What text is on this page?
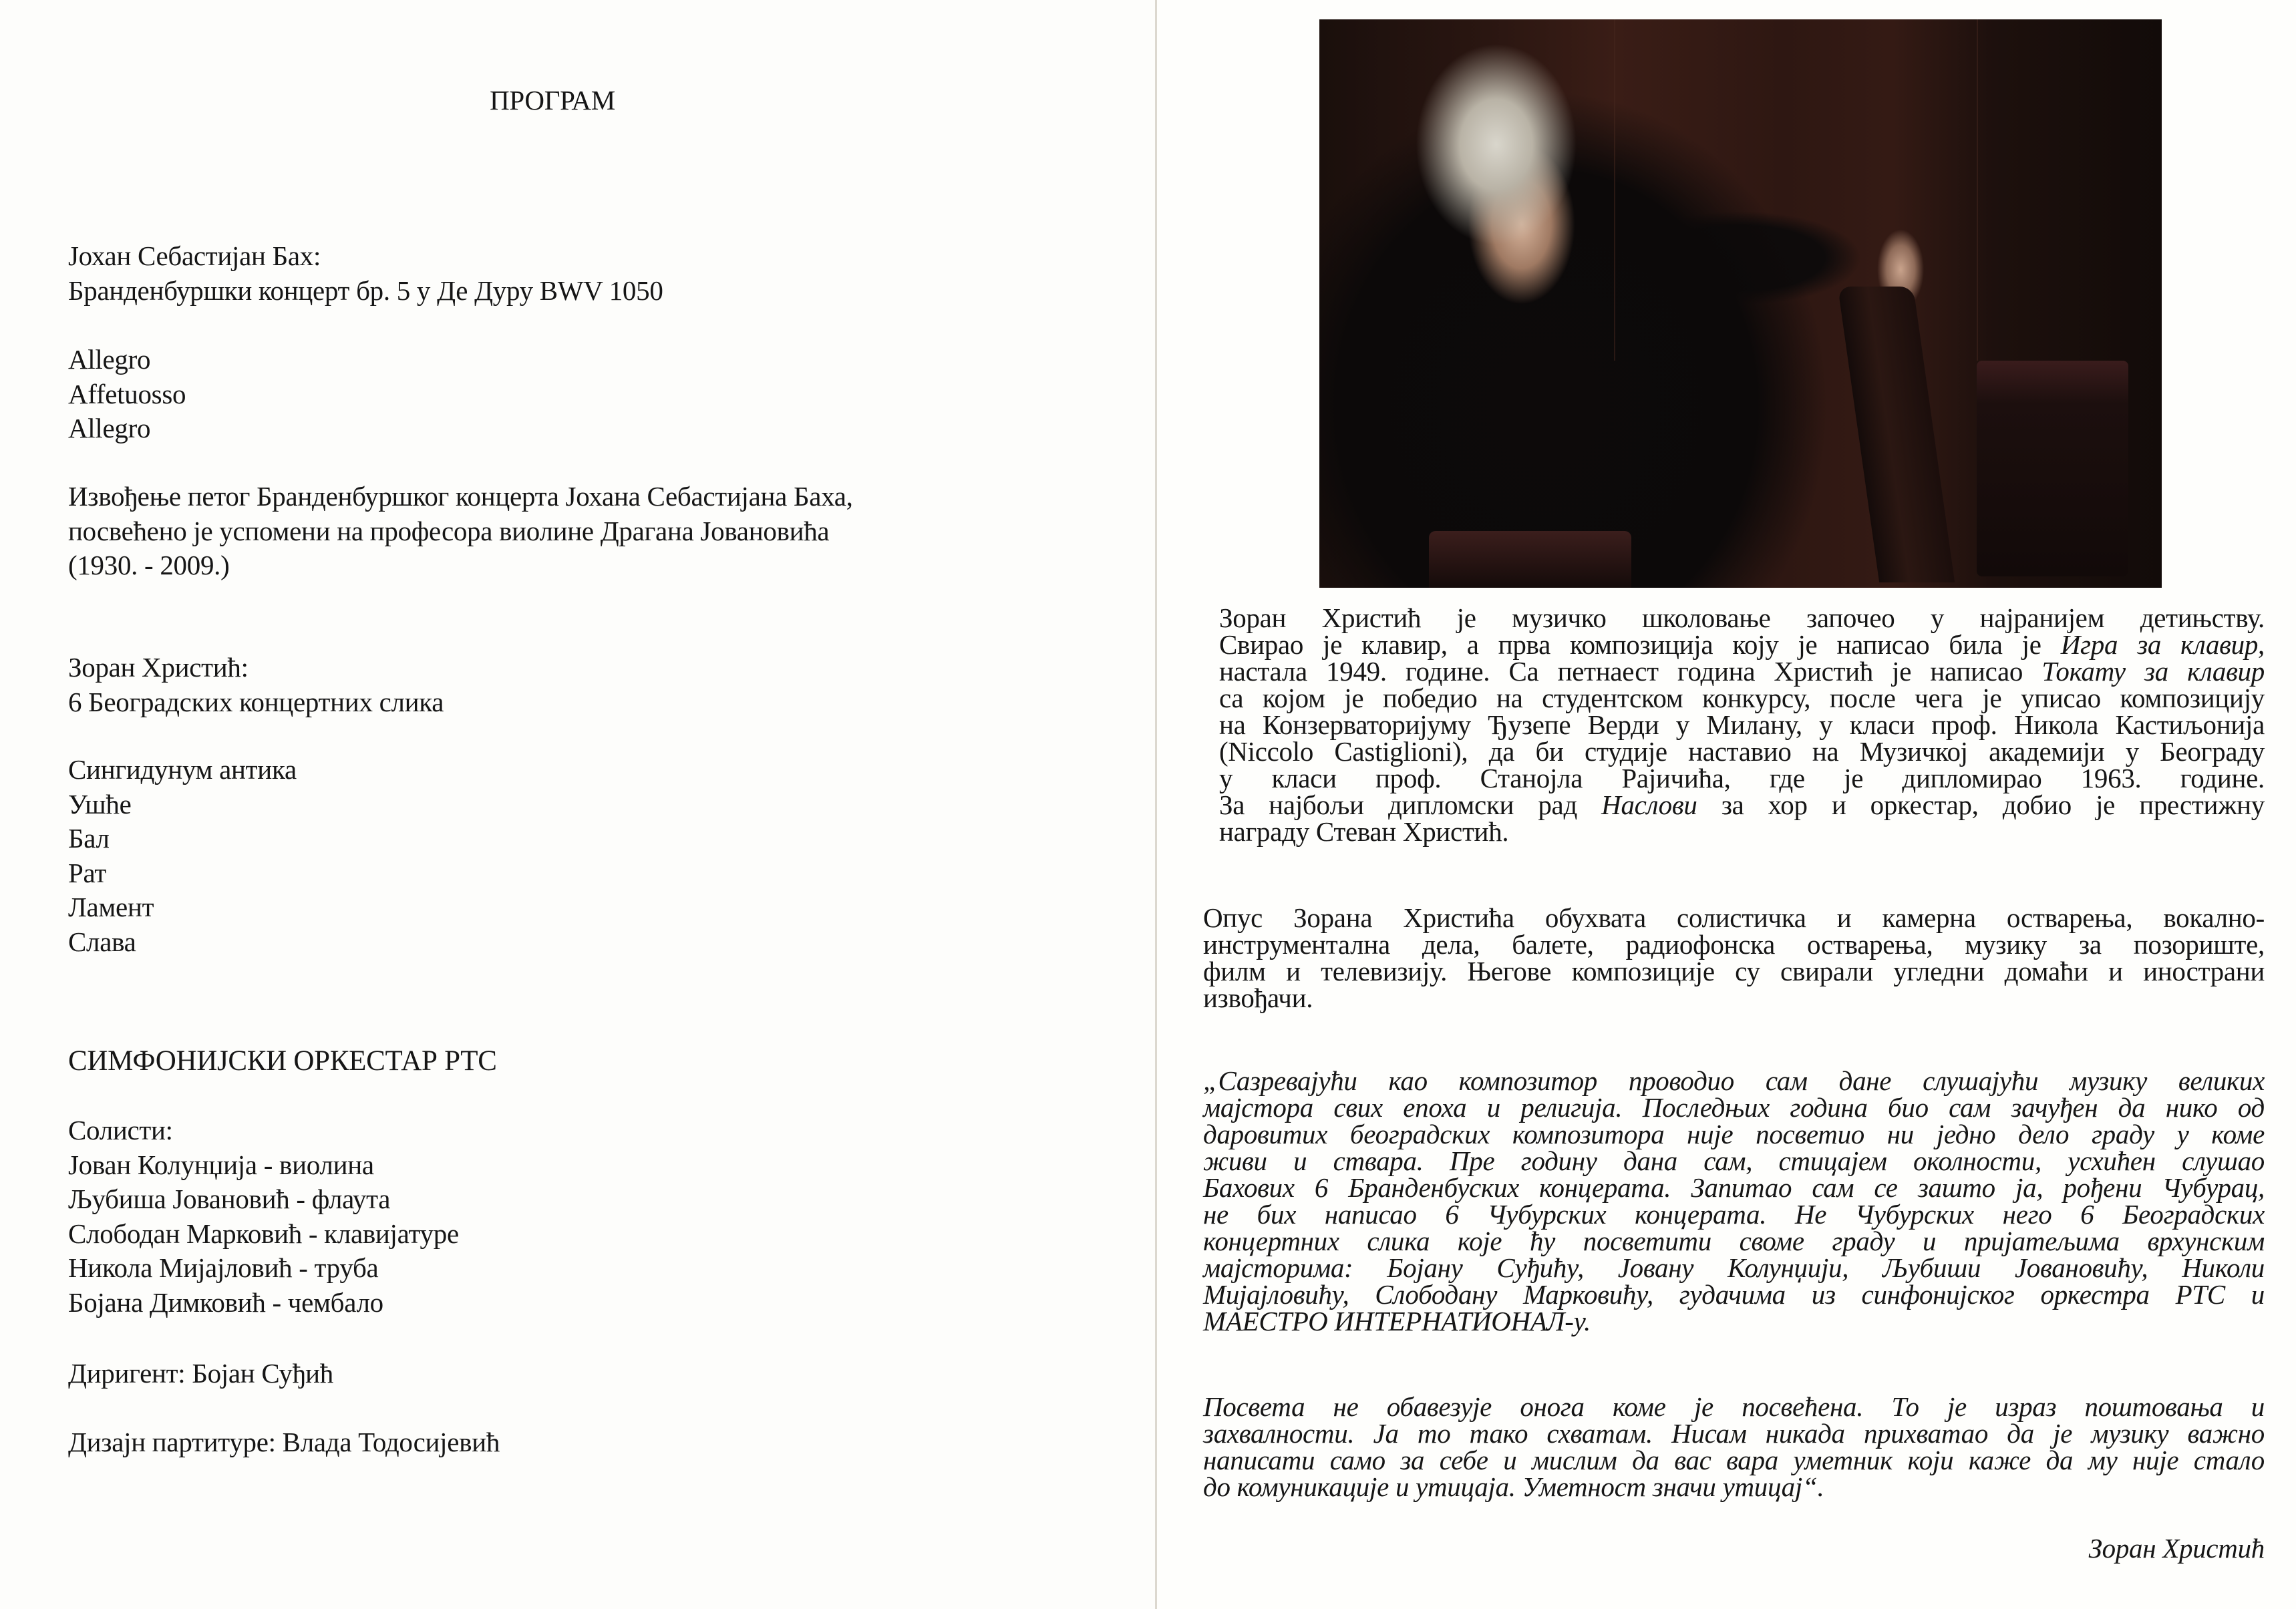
ПРОГРАМ
Јохан Себастијан Бах:
Бранденбуршки концерт бр. 5 у Де Дуру BWV 1050
Allegro
Affetuosso
Allegro
Извођење петог Бранденбуршког концерта Јохана Себастијана Баха,
посвећено је успомени на професора виолине Драгана Јовановића
(1930. - 2009.)
Зоран Христић:
6 Београдских концертних слика
Сингидунум антика
Ушће
Бал
Рат
Ламент
Слава
СИМФОНИЈСКИ ОРКЕСТАР РТС
Солисти:
Јован Колунџија - виолина
Љубиша Јовановић - флаута
Слободан Марковић - клавијатуре
Никола Мијајловић - труба
Бојана Димковић - чембало
Диригент: Бојан Суђић
Дизајн партитуре: Влада Тодосијевић
Зоран Христић је музичко школовање започео у најранијем детињству.
Свирао је клавир, а прва композиција коју је написао била је Игра за клавир,
настала 1949. године. Са петнаест година Христић је написао Токату за клавир
са којом је победио на студентском конкурсу, после чега је уписао композицију
на Конзерваторијуму Ђузепе Верди у Милану, у класи проф. Никола Кастиљонија
(Niccolo Castiglioni), да би студије наставио на Музичкој академији у Београду
у класи проф. Станојла Рајичића, где је дипломирао 1963. године.
За најбољи дипломски рад Наслови за хор и оркестар, добио је престижну
награду Стеван Христић.
Опус Зорана Христића обухвата солистичка и камерна остварења, вокално-
инструментална дела, балете, радиофонска остварења, музику за позориште,
филм и телевизију. Његове композиције су свирали угледни домаћи и инострани
извођачи.
„Сазревајући као композитор проводио сам дане слушајући музику великих
мајстора свих епоха и религија. Последњих година био сам зачуђен да нико од
даровитих београдских композитора није посветио ни једно дело граду у коме
живи и ствара. Пре годину дана сам, стицајем околности, усхићен слушао
Бахових 6 Бранденбуских концерата. Запитао сам се зашто ја, рођени Чубурац,
не бих написао 6 Чубурских концерата. Не Чубурских него 6 Београдских
концертних слика које ћу посветити своме граду и пријатељима врхунским
мајсторима: Бојану Суђићу, Јовану Колунџији, Љубиши Јовановићу, Николи
Мијајловићу, Слободану Марковићу, гудачима из синфонијског оркестра РТС и
МАЕСТРО ИНТЕРНАТИОНАЛ-у.
Посвета не обавезује онога коме је посвећена. То је израз поштовања и
захвалности. Ја то тако схватам. Нисам никада прихватао да је музику важно
написати само за себе и мислим да вас вара уметник који каже да му није стало
до комуникације и утицаја. Уметност значи утицај“.
Зоран Христић
